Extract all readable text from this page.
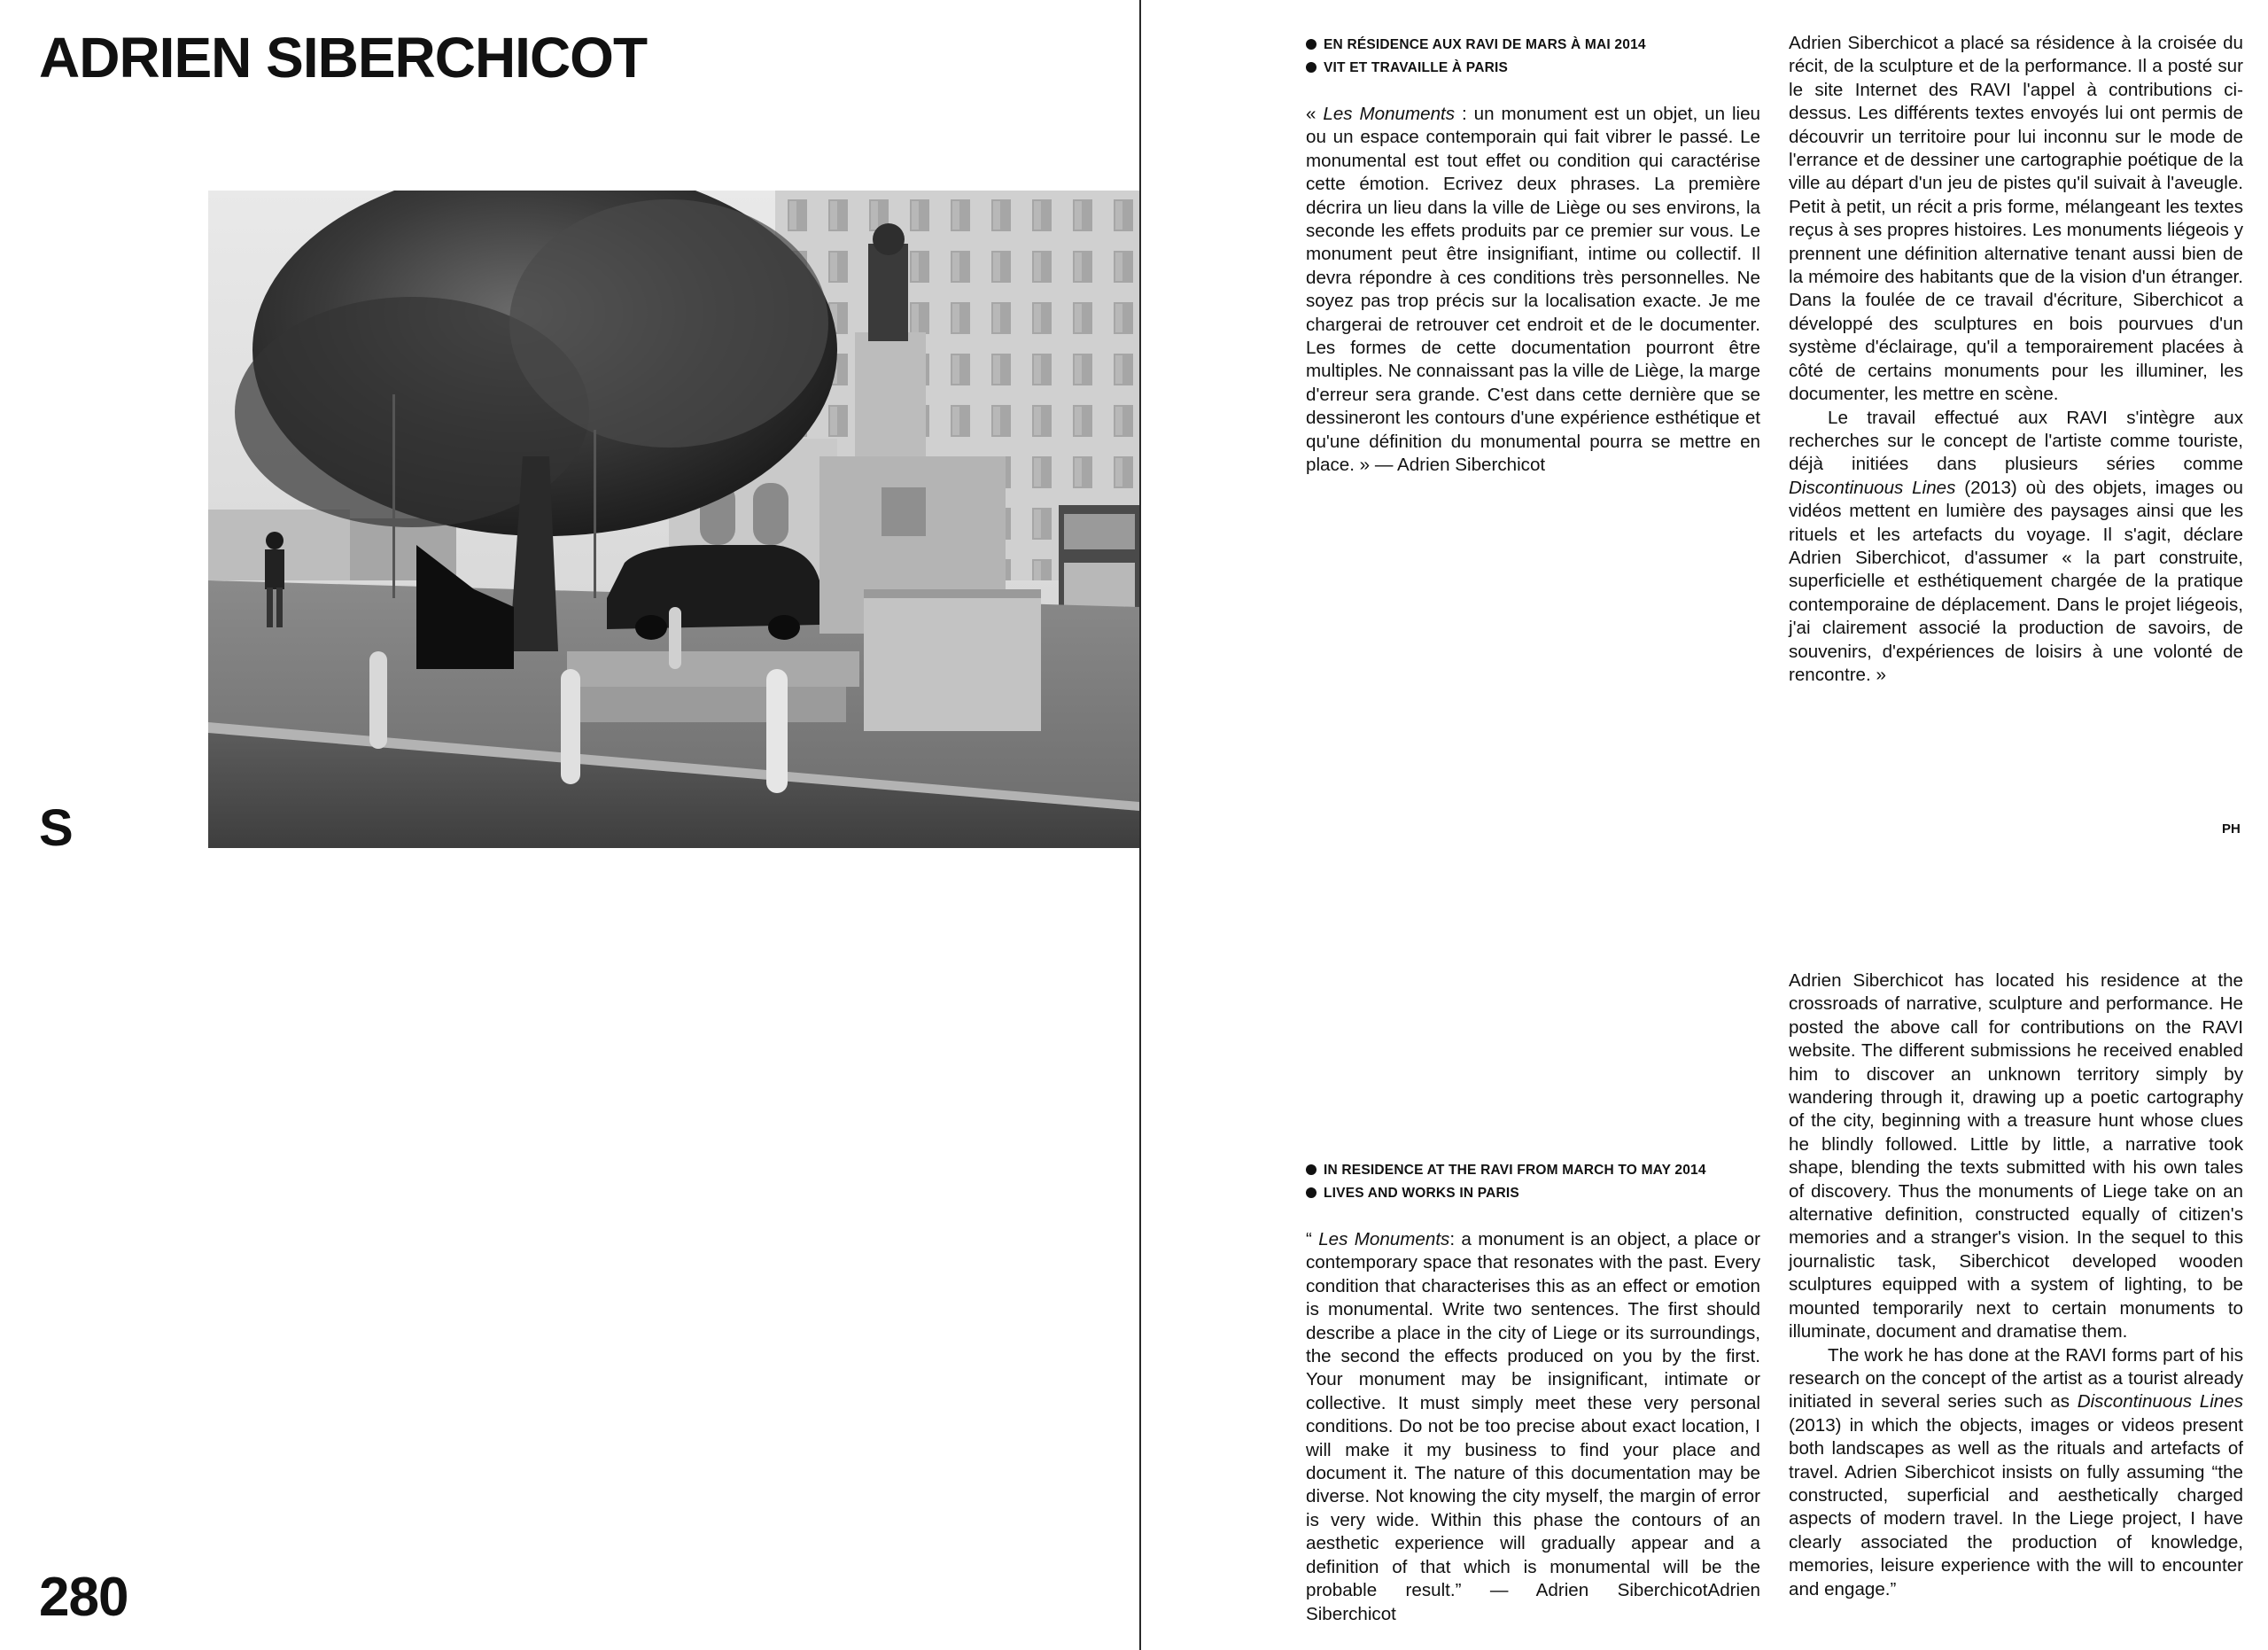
ADRIEN SIBERCHICOT
S
280
EN RÉSIDENCE AUX RAVI DE MARS À MAI 2014
VIT ET TRAVAILLE À PARIS

« Les Monuments : un monument est un objet, un lieu ou un espace contemporain qui fait vibrer le passé. Le monumental est tout effet ou condition qui caractérise cette émotion. Ecrivez deux phrases. La première décrira un lieu dans la ville de Liège ou ses environs, la seconde les effets produits par ce premier sur vous. Le monument peut être insignifiant, intime ou collectif. Il devra répondre à ces conditions très personnelles. Ne soyez pas trop précis sur la localisation exacte. Je me chargerai de retrouver cet endroit et de le documenter. Les formes de cette documentation pourront être multiples. Ne connaissant pas la ville de Liège, la marge d'erreur sera grande. C'est dans cette dernière que se dessineront les contours d'une expérience esthétique et qu'une définition du monumental pourra se mettre en place. » — Adrien Siberchicot

Adrien Siberchicot a placé sa résidence à la croisée du récit, de la sculpture et de la performance. Il a posté sur le site Internet des RAVI l'appel à contributions ci-dessus. Les différents textes envoyés lui ont permis de découvrir un territoire pour lui inconnu sur le mode de l'errance et de dessiner une cartographie poétique de la ville au départ d'un jeu de pistes qu'il suivait à l'aveugle. Petit à petit, un récit a pris forme, mélangeant les textes reçus à ses propres histoires. Les monuments liégeois y prennent une définition alternative tenant aussi bien de la mémoire des habitants que de la vision d'un étranger. Dans la foulée de ce travail d'écriture, Siberchicot a développé des sculptures en bois pourvues d'un système d'éclairage, qu'il a temporairement placées à côté de certains monuments pour les illuminer, les documenter, les mettre en scène.

Le travail effectué aux RAVI s'intègre aux recherches sur le concept de l'artiste comme touriste, déjà initiées dans plusieurs séries comme Discontinuous Lines (2013) où des objets, images ou vidéos mettent en lumière des paysages ainsi que les rituels et les artefacts du voyage. Il s'agit, déclare Adrien Siberchicot, d'assumer « la part construite, superficielle et esthétiquement chargée de la pratique contemporaine de déplacement. Dans le projet liégeois, j'ai clairement associé la production de savoirs, de souvenirs, d'expériences de loisirs à une volonté de rencontre. »

PH
IN RESIDENCE AT THE RAVI FROM MARCH TO MAY 2014
LIVES AND WORKS IN PARIS

“ Les Monuments: a monument is an object, a place or contemporary space that resonates with the past. Every condition that characterises this as an effect or emotion is monumental. Write two sentences. The first should describe a place in the city of Liege or its surroundings, the second the effects produced on you by the first. Your monument may be insignificant, intimate or collective. It must simply meet these very personal conditions. Do not be too precise about exact location, I will make it my business to find your place and document it. The nature of this documentation may be diverse. Not knowing the city myself, the margin of error is very wide. Within this phase the contours of an aesthetic experience will gradually appear and a definition of that which is monumental will be the probable result.” — Adrien SiberchicotAdrien Siberchicot

Adrien Siberchicot has located his residence at the crossroads of narrative, sculpture and performance. He posted the above call for contributions on the RAVI website. The different submissions he received enabled him to discover an unknown territory simply by wandering through it, drawing up a poetic cartography of the city, beginning with a treasure hunt whose clues he blindly followed. Little by little, a narrative took shape, blending the texts submitted with his own tales of discovery. Thus the monuments of Liege take on an alternative definition, constructed equally of citizen's memories and a stranger's vision. In the sequel to this journalistic task, Siberchicot developed wooden sculptures equipped with a system of lighting, to be mounted temporarily next to certain monuments to illuminate, document and dramatise them.

The work he has done at the RAVI forms part of his research on the concept of the artist as a tourist already initiated in several series such as Discontinuous Lines (2013) in which the objects, images or videos present both landscapes as well as the rituals and artefacts of travel. Adrien Siberchicot insists on fully assuming “the constructed, superficial and aesthetically charged aspects of modern travel. In the Liege project, I have clearly associated the production of knowledge, memories, leisure experience with the will to encounter and engage.”
